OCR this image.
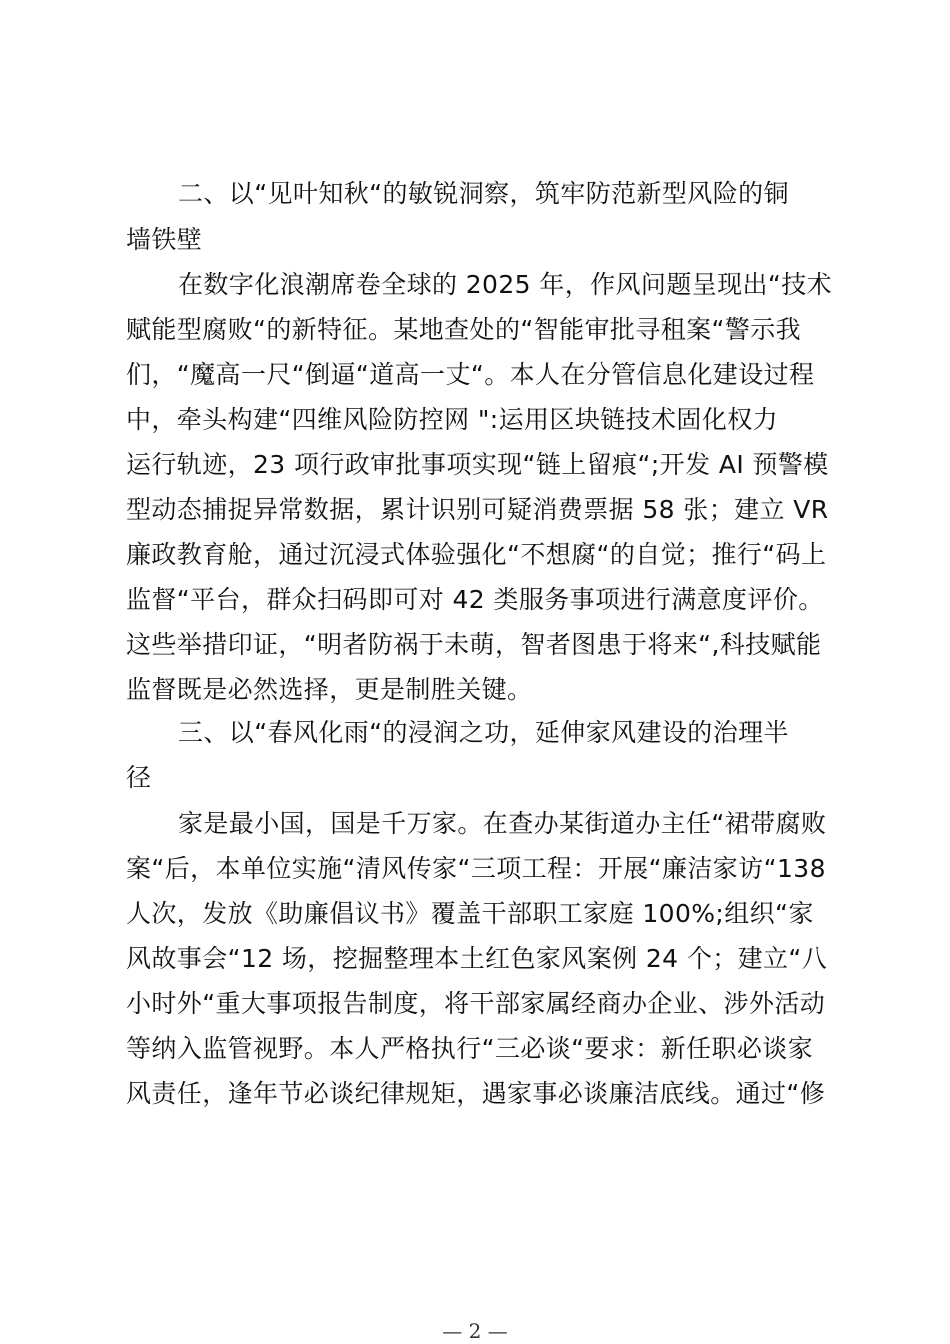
二、以“见叶知秋“的敏锐洞察，筑牢防范新型风险的铜
墙铁壁
在数字化浪潮席卷全球的 2025 年，作风问题呈现出“技术
赋能型腐败“的新特征。某地查处的“智能审批寻租案“警示我
们，“魔高一尺“倒逼“道高一丈“。本人在分管信息化建设过程
中，牵头构建“四维风险防控网 ":运用区块链技术固化权力
运行轨迹，23 项行政审批事项实现“链上留痕“;开发 AI 预警模
型动态捕捉异常数据，累计识别可疑消费票据 58 张；建立 VR
廉政教育舱，通过沉浸式体验强化“不想腐“的自觉；推行“码上
监督“平台，群众扫码即可对 42 类服务事项进行满意度评价。
这些举措印证，“明者防祸于未萌，智者图患于将来“,科技赋能
监督既是必然选择，更是制胜关键。
三、以“春风化雨“的浸润之功，延伸家风建设的治理半
径
家是最小国，国是千万家。在查办某街道办主任“裙带腐败
案“后，本单位实施“清风传家“三项工程：开展“廉洁家访“138
人次，发放《助廉倡议书》覆盖干部职工家庭 100%;组织“家
风故事会“12 场，挖掘整理本土红色家风案例 24 个；建立“八
小时外“重大事项报告制度，将干部家属经商办企业、涉外活动
等纳入监管视野。本人严格执行“三必谈“要求：新任职必谈家
风责任，逢年节必谈纪律规矩，遇家事必谈廉洁底线。通过“修
— 2 —
